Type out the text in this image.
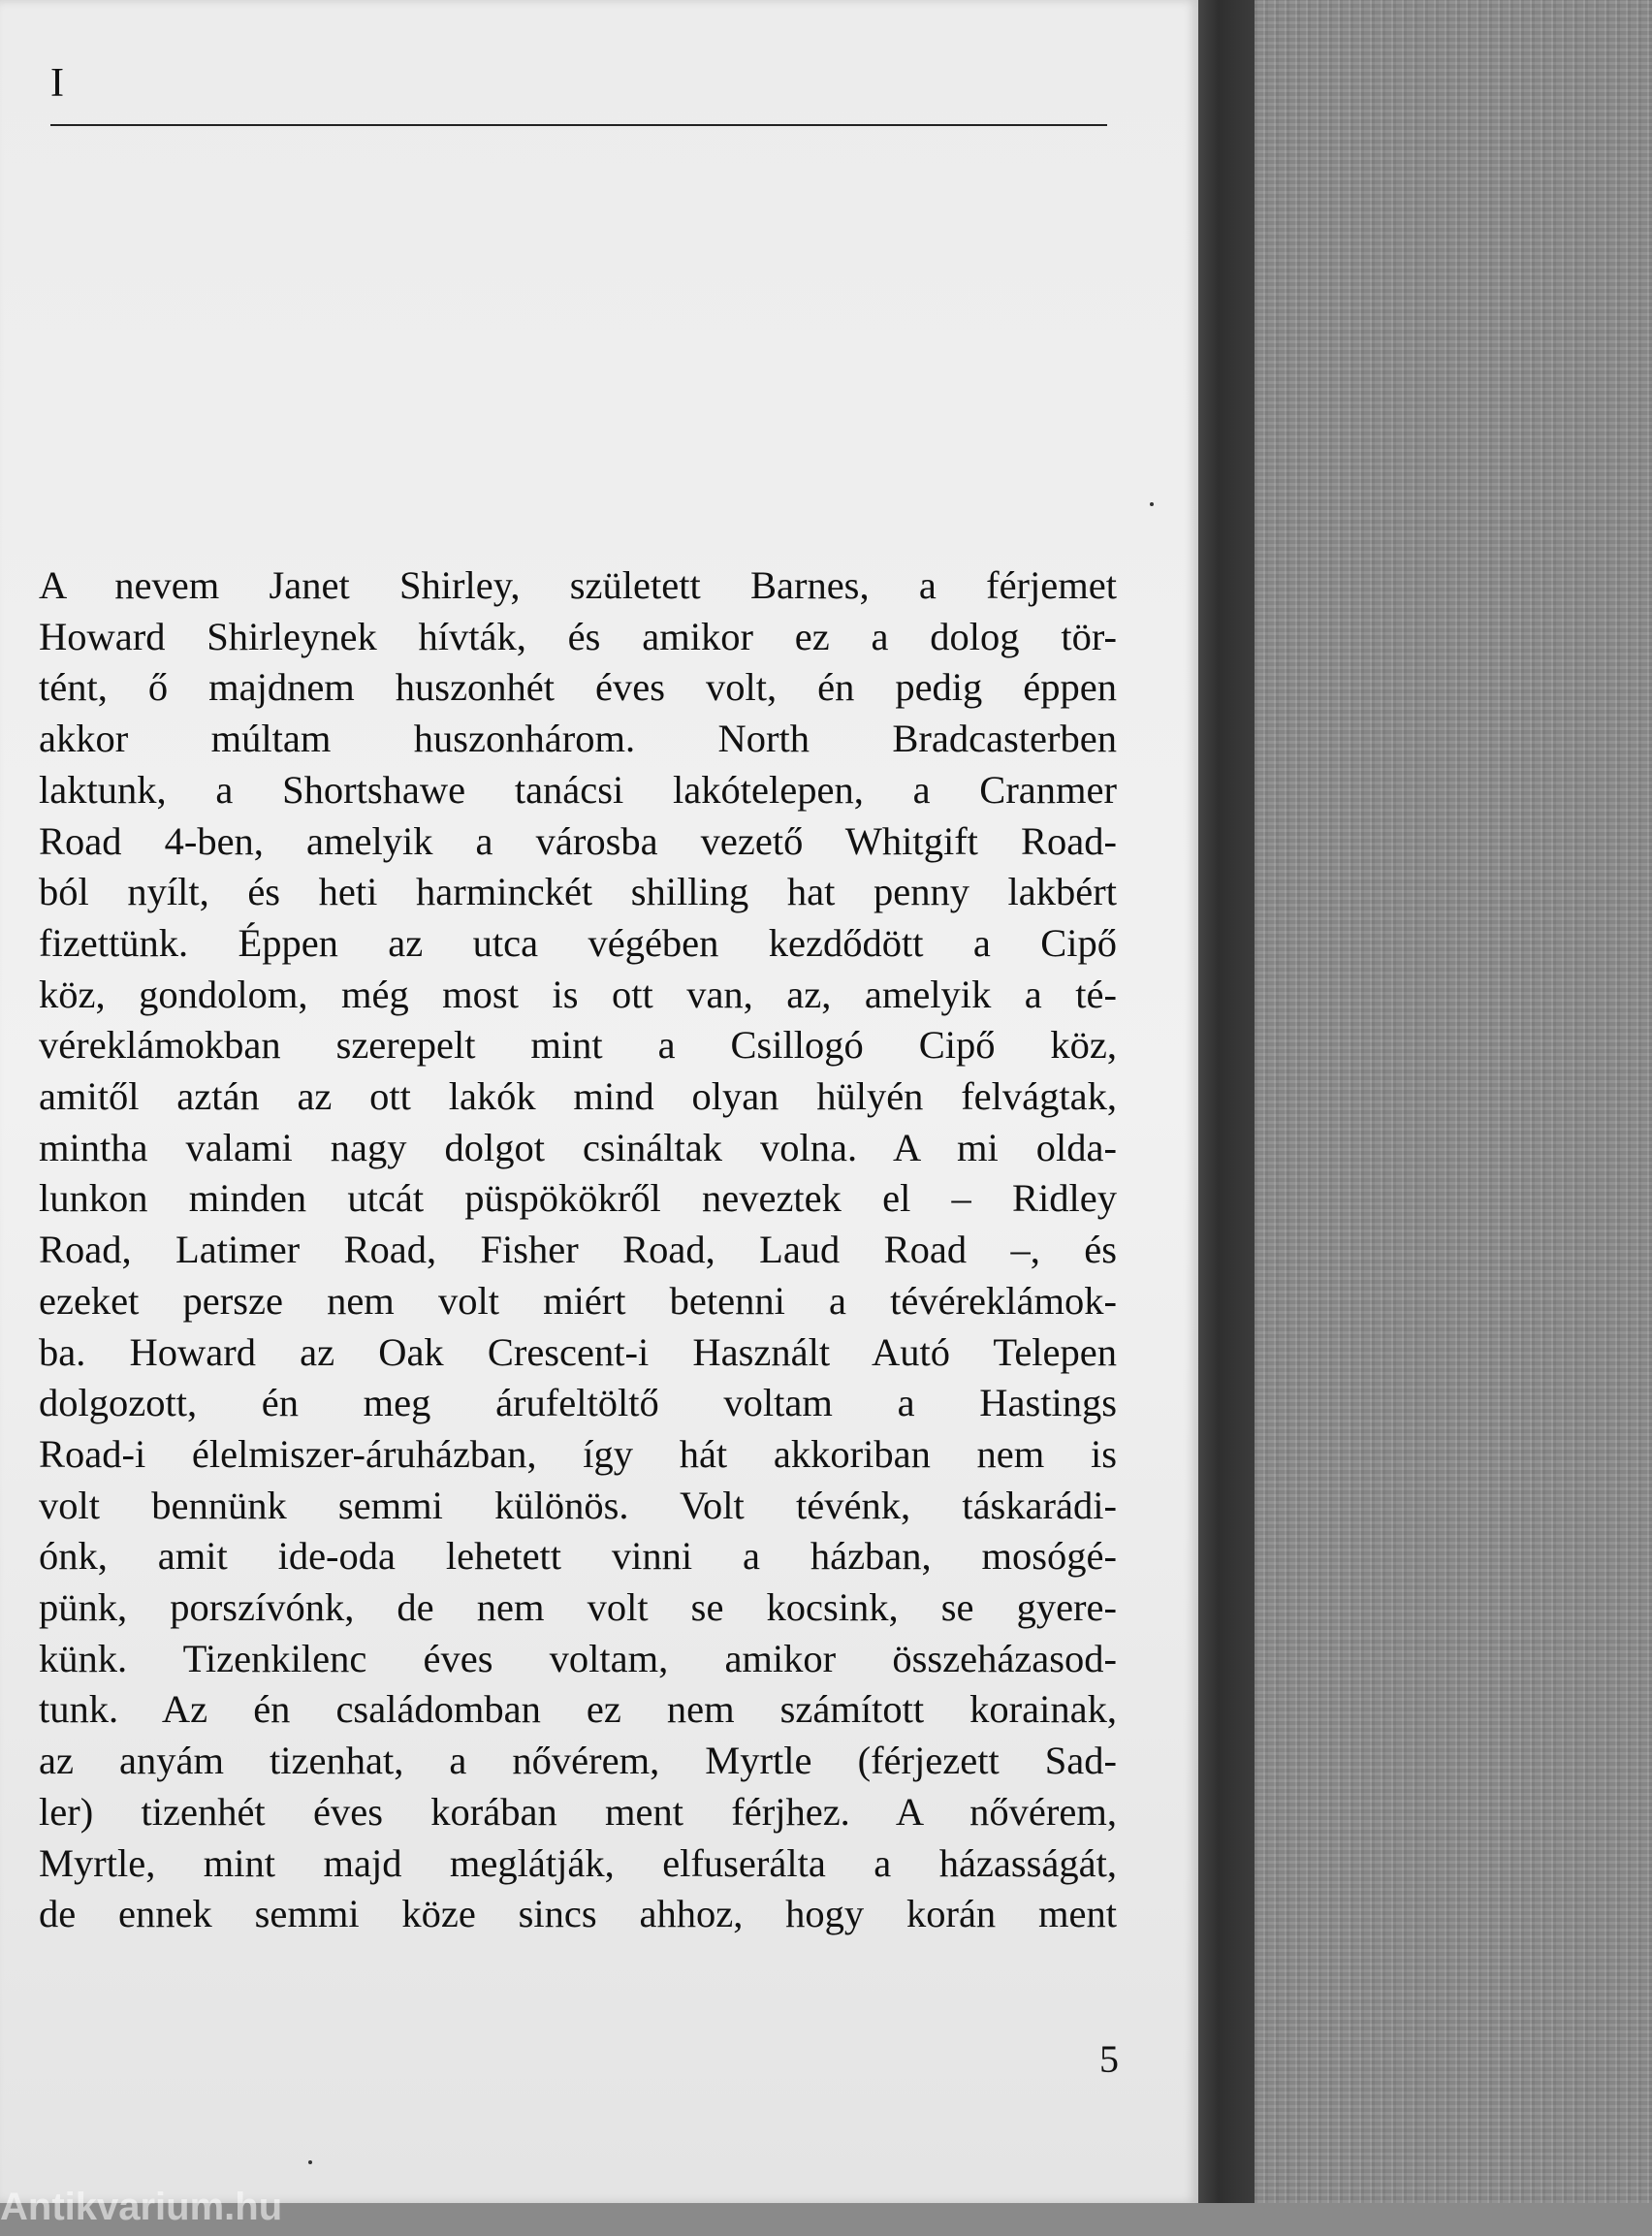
I
A nevem Janet Shirley, született Barnes, a férjemet
Howard Shirleynek hívták, és amikor ez a dolog tör-
tént, ő majdnem huszonhét éves volt, én pedig éppen
akkor múltam huszonhárom. North Bradcasterben
laktunk, a Shortshawe tanácsi lakótelepen, a Cranmer
Road 4-ben, amelyik a városba vezető Whitgift Road-
ból nyílt, és heti harminckét shilling hat penny lakbért
fizettünk. Éppen az utca végében kezdődött a Cipő
köz, gondolom, még most is ott van, az, amelyik a té-
véreklámokban szerepelt mint a Csillogó Cipő köz,
amitől aztán az ott lakók mind olyan hülyén felvágtak,
mintha valami nagy dolgot csináltak volna. A mi olda-
lunkon minden utcát püspökökről neveztek el – Ridley
Road, Latimer Road, Fisher Road, Laud Road –, és
ezeket persze nem volt miért betenni a tévéreklámok-
ba. Howard az Oak Crescent-i Használt Autó Telepen
dolgozott, én meg árufeltöltő voltam a Hastings
Road-i élelmiszer-áruházban, így hát akkoriban nem is
volt bennünk semmi különös. Volt tévénk, táskarádi-
ónk, amit ide-oda lehetett vinni a házban, mosógé-
pünk, porszívónk, de nem volt se kocsink, se gyere-
künk. Tizenkilenc éves voltam, amikor összeházasod-
tunk. Az én családomban ez nem számított korainak,
az anyám tizenhat, a nővérem, Myrtle (férjezett Sad-
ler) tizenhét éves korában ment férjhez. A nővérem,
Myrtle, mint majd meglátják, elfuserálta a házasságát,
de ennek semmi köze sincs ahhoz, hogy korán ment
5
Antikvarium.hu
